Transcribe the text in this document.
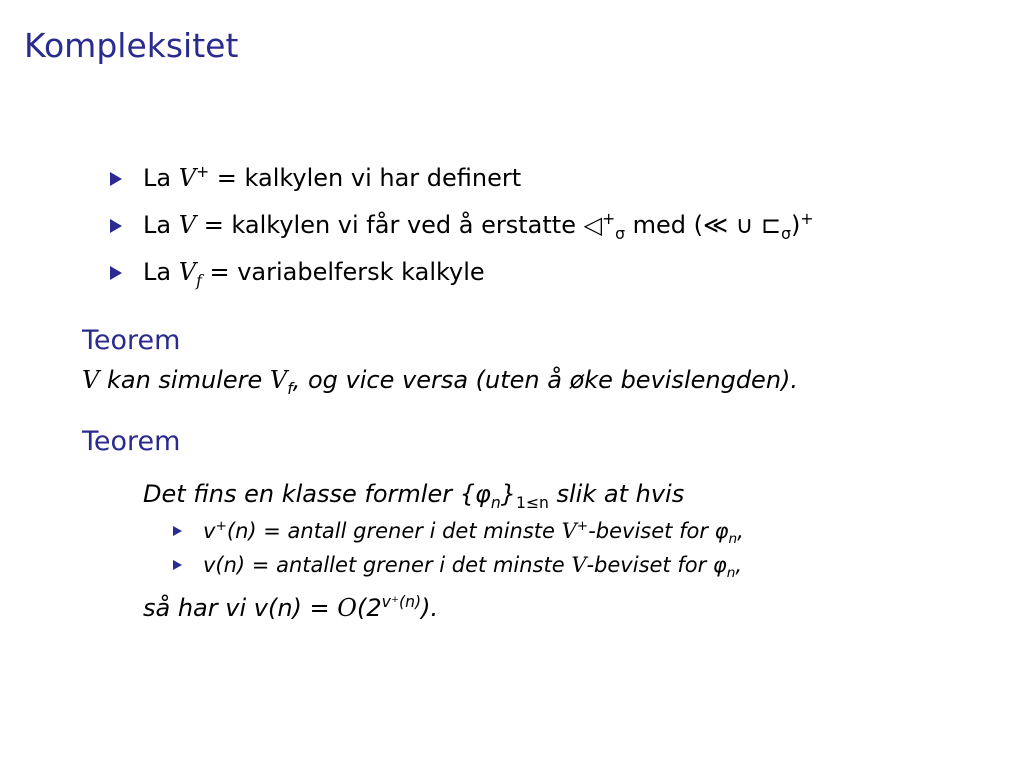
Kompleksitet
La V+ = kalkylen vi har definert
La V = kalkylen vi får ved å erstatte $◁^+_\sigma$ med (≪ ∪ $⊏_\sigma)^+$
La $V_f$ = variabelfersk kalkyle
Teorem
V kan simulere $V_f$, og vice versa (uten å øke bevislengden).
Teorem
Det fins en klasse formler $\{\varphi_n\}_{1\le n}$ slik at hvis
v+(n) = antall grener i det minste V+-beviset for $\varphi_n$,
v(n) = antallet grener i det minste V-beviset for $\varphi_n$,
så har vi $v(n) = O(2^{v^+(n)})$.
